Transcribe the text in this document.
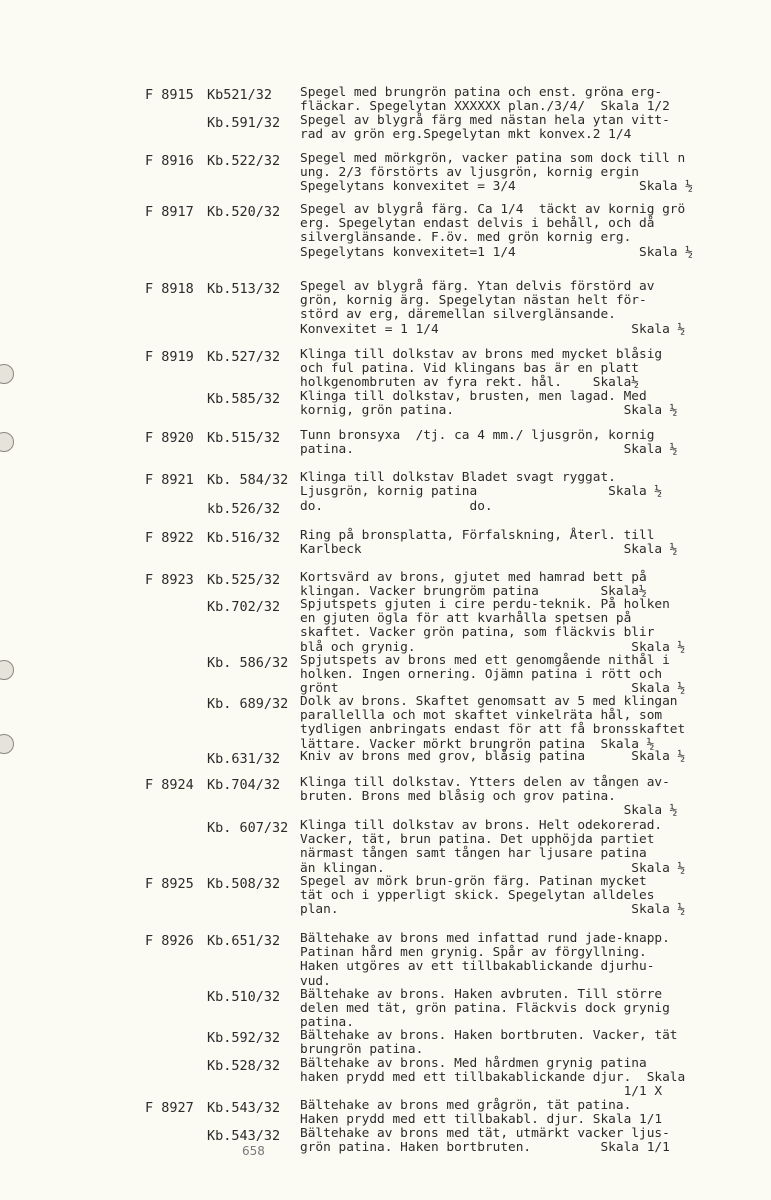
F 8915 Kb521/32 Spegel med brungrön patina och enst. gröna erg-
fläckar. Spegelytan XXXXXX plan./3/4/  Skala 1/2
Kb.591/32 Spegel av blygrå färg med nästan hela ytan vitt-
rad av grön erg.Spegelytan mkt konvex.2 1/4
F 8916 Kb.522/32 Spegel med mörkgrön, vacker patina som dock till n
ung. 2/3 förstörts av ljusgrön, kornig ergin
Spegelytans konvexitet = 3/4                Skala ½
F 8917 Kb.520/32 Spegel av blygrå färg. Ca 1/4  täckt av kornig grö
erg. Spegelytan endast delvis i behåll, och då
silverglänsande. F.öv. med grön kornig erg.
Spegelytans konvexitet=1 1/4                Skala ½
F 8918 Kb.513/32 Spegel av blygrå färg. Ytan delvis förstörd av
grön, kornig ärg. Spegelytan nästan helt för-
störd av erg, däremellan silverglänsande.
Konvexitet = 1 1/4                         Skala ½
F 8919 Kb.527/32 Klinga till dolkstav av brons med mycket blåsig
och ful patina. Vid klingans bas är en platt
holkgenombruten av fyra rekt. hål.    Skala½
Kb.585/32 Klinga till dolkstav, brusten, men lagad. Med
kornig, grön patina.                      Skala ½
F 8920 Kb.515/32 Tunn bronsyxa  /tj. ca 4 mm./ ljusgrön, kornig
patina.                                   Skala ½
F 8921 Kb. 584/32 Klinga till dolkstav Bladet svagt ryggat.
Ljusgrön, kornig patina                 Skala ½
kb.526/32 do.                   do.
F 8922 Kb.516/32 Ring på bronsplatta, Förfalskning, Återl. till
Karlbeck                                  Skala ½
F 8923 Kb.525/32 Kortsvärd av brons, gjutet med hamrad bett på
klingan. Vacker brungröm patina        Skala½
Kb.702/32 Spjutspets gjuten i cire perdu-teknik. På holken
en gjuten ögla för att kvarhålla spetsen på
skaftet. Vacker grön patina, som fläckvis blir
blå och grynig.                            Skala ½
Kb. 586/32 Spjutspets av brons med ett genomgående nithål i
holken. Ingen ornering. Ojämn patina i rött och
grönt                                      Skala ½
Kb. 689/32 Dolk av brons. Skaftet genomsatt av 5 med klingan
parallellla och mot skaftet vinkelräta hål, som
tydligen anbringats endast för att få bronsskaftet
lättare. Vacker mörkt brungrön patina  Skala ½
Kb.631/32 Kniv av brons med grov, blåsig patina      Skala ½
F 8924 Kb.704/32 Klinga till dolkstav. Ytters delen av tången av-
bruten. Brons med blåsig och grov patina.
Skala ½
Kb. 607/32 Klinga till dolkstav av brons. Helt odekorerad.
Vacker, tät, brun patina. Det upphöjda partiet
närmast tången samt tången har ljusare patina
än klingan.                                Skala ½
F 8925 Kb.508/32 Spegel av mörk brun-grön färg. Patinan mycket
tät och i ypperligt skick. Spegelytan alldeles
plan.                                      Skala ½
F 8926 Kb.651/32 Bältehake av brons med infattad rund jade-knapp.
Patinan hård men grynig. Spår av förgyllning.
Haken utgöres av ett tillbakablickande djurhu-
vud.
Kb.510/32 Bältehake av brons. Haken avbruten. Till större
delen med tät, grön patina. Fläckvis dock grynig
patina.
Kb.592/32 Bältehake av brons. Haken bortbruten. Vacker, tät
brungrön patina.
Kb.528/32 Bältehake av brons. Med hårdmen grynig patina
haken prydd med ett tillbakablickande djur.  Skala
1/1 X
F 8927 Kb.543/32 Bältehake av brons med grågrön, tät patina.
Haken prydd med ett tillbakabl. djur. Skala 1/1
Kb.543/32 Bältehake av brons med tät, utmärkt vacker ljus-
grön patina. Haken bortbruten.         Skala 1/1
658
